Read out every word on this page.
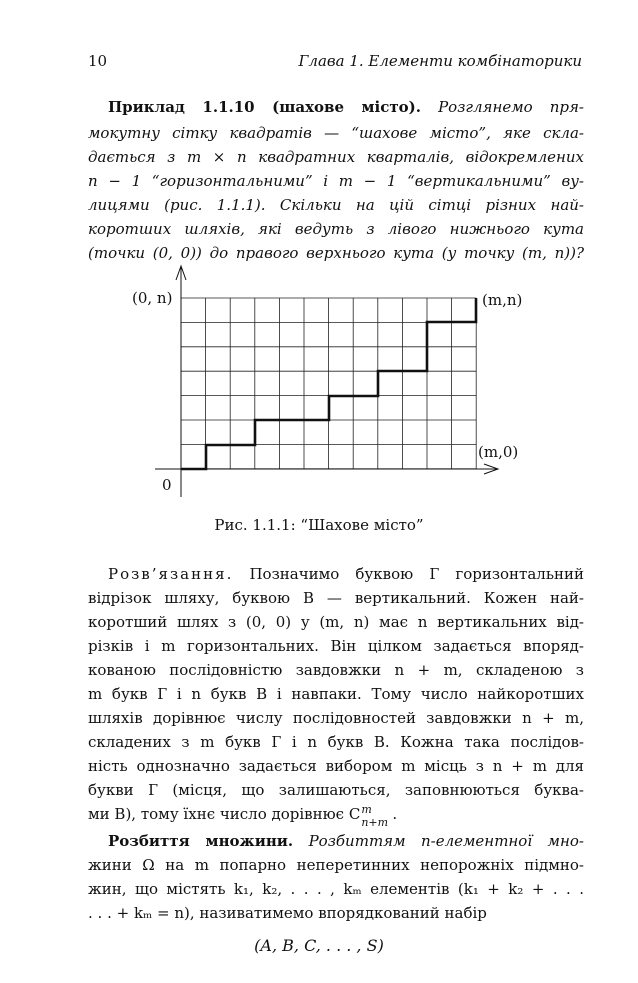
10	Глава 1. Елементи комбінаторики
Приклад 1.1.10 (шахове місто). Розглянемо пря-
мокутну сітку квадратів — “шахове місто”, яке скла-
дається з m × n квадратних кварталів, відокремлених
n − 1 “горизонтальними” і m − 1 “вертикальними” ву-
лицями (рис. 1.1.1). Скільки на цій сітці різних най-
коротших шляхів, які ведуть з лівого нижнього кута
(точки (0, 0)) до правого верхнього кута (у точку (m, n))?
(0, n)	(m,n)
(m,0)
0
Рис. 1.1.1: “Шахове місто”
Розв’язання. Позначимо буквою Г горизонтальний
відрізок шляху, буквою В — вертикальний. Кожен най-
коротший шлях з (0, 0) у (m, n) має n вертикальних від-
різків і m горизонтальних. Він цілком задається впоряд-
кованою послідовністю завдовжки n + m, складеною з
m букв Г і n букв В і навпаки. Тому число найкоротших
шляхів дорівнює числу послідовностей завдовжки n + m,
складених з m букв Г і n букв В. Кожна така послідов-
ність однозначно задається вибором m місць з n + m для
букви Г (місця, що залишаються, заповнюються буква-
ми В), тому їхнє число дорівнює C m
n+m .
Розбиття множини. Розбиттям n-елементної мно-
жини Ω на m попарно неперетинних непорожніх підмно-
жин, що містять k₁, k₂, . . . , kₘ елементів (k₁ + k₂ + . . .
. . . + kₘ = n), називатимемо впорядкований набір
(A, B, C, . . . , S)
